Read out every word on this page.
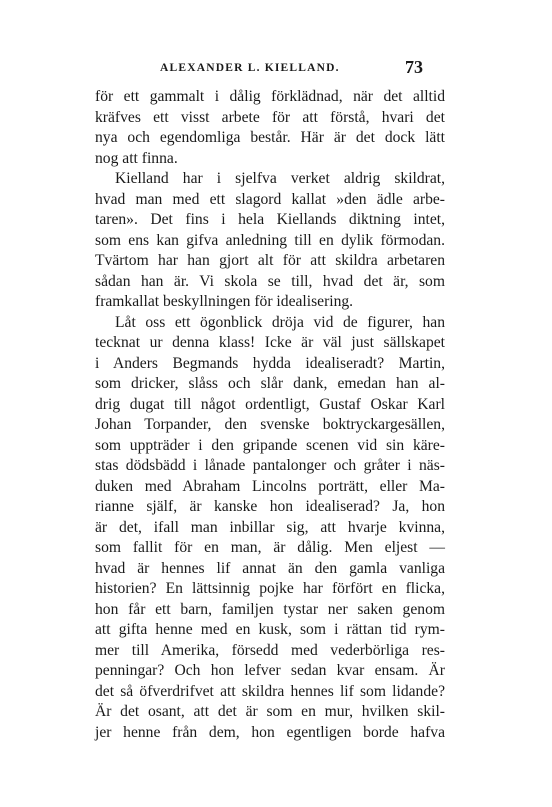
ALEXANDER L. KIELLAND.	73
för ett gammalt i dålig förklädnad, när det alltid
kräfves ett visst arbete för att förstå, hvari det
nya och egendomliga består. Här är det dock lätt
nog att finna.
Kielland har i sjelfva verket aldrig skildrat,
hvad man med ett slagord kallat »den ädle arbe-
taren». Det fins i hela Kiellands diktning intet,
som ens kan gifva anledning till en dylik förmodan.
Tvärtom har han gjort alt för att skildra arbetaren
sådan han är. Vi skola se till, hvad det är, som
framkallat beskyllningen för idealisering.
Låt oss ett ögonblick dröja vid de figurer, han
tecknat ur denna klass! Icke är väl just sällskapet
i Anders Begmands hydda idealiseradt? Martin,
som dricker, slåss och slår dank, emedan han al-
drig dugat till något ordentligt, Gustaf Oskar Karl
Johan Torpander, den svenske boktryckargesällen,
som uppträder i den gripande scenen vid sin käre-
stas dödsbädd i lånade pantalonger och gråter i näs-
duken med Abraham Lincolns porträtt, eller Ma-
rianne själf, är kanske hon idealiserad? Ja, hon
är det, ifall man inbillar sig, att hvarje kvinna,
som fallit för en man, är dålig. Men eljest —
hvad är hennes lif annat än den gamla vanliga
historien? En lättsinnig pojke har förfört en flicka,
hon får ett barn, familjen tystar ner saken genom
att gifta henne med en kusk, som i rättan tid rym-
mer till Amerika, försedd med vederbörliga res-
penningar? Och hon lefver sedan kvar ensam. Är
det så öfverdrifvet att skildra hennes lif som lidande?
Är det osant, att det är som en mur, hvilken skil-
jer henne från dem, hon egentligen borde hafva
